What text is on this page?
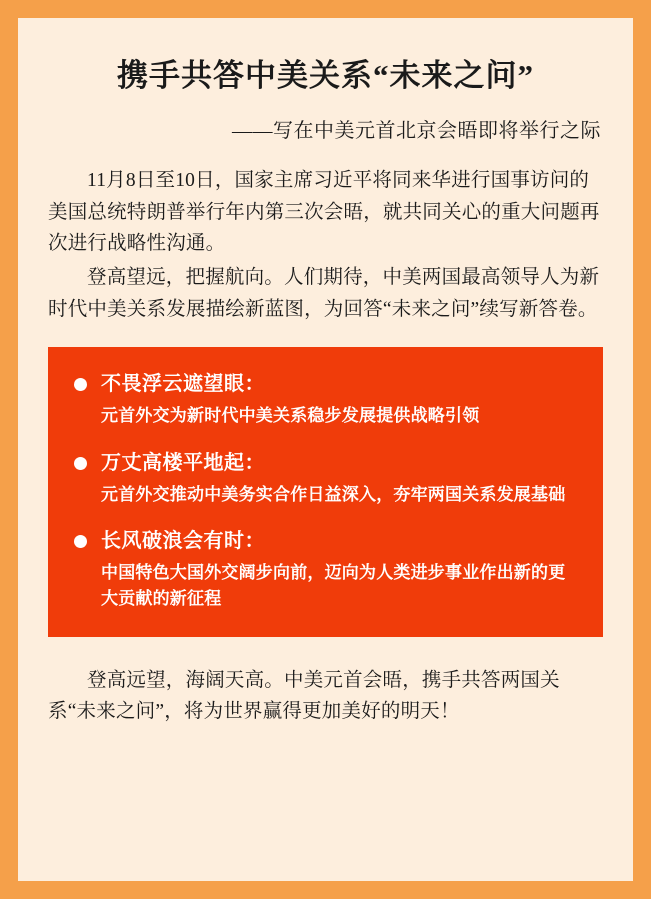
携手共答中美关系“未来之问”
——写在中美元首北京会晤即将举行之际

11月8日至10日，国家主席习近平将同来华进行国事访问的美国总统特朗普举行年内第三次会晤，就共同关心的重大问题再次进行战略性沟通。

登高望远，把握航向。人们期待，中美两国最高领导人为新时代中美关系发展描绘新蓝图，为回答“未来之问”续写新答卷。

不畏浮云遮望眼：
元首外交为新时代中美关系稳步发展提供战略引领
万丈高楼平地起：
元首外交推动中美务实合作日益深入，夯牢两国关系发展基础
长风破浪会有时：
中国特色大国外交阔步向前，迈向为人类进步事业作出新的更大贡献的新征程

登高远望，海阔天高。中美元首会晤，携手共答两国关系“未来之问”，将为世界赢得更加美好的明天！
